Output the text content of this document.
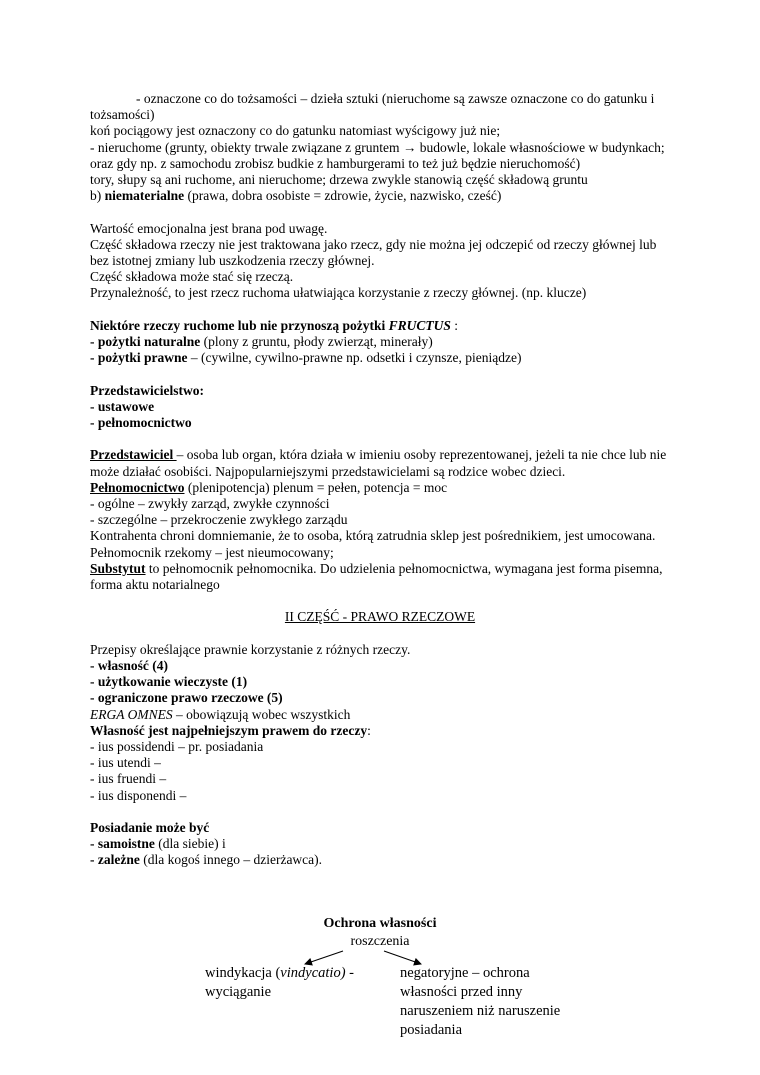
- oznaczone co do tożsamości – dzieła sztuki (nieruchome są zawsze oznaczone co do gatunku i tożsamości)

koń pociągowy jest oznaczony co do gatunku natomiast wyścigowy już nie;

- nieruchome (grunty, obiekty trwale związane z gruntem → budowle, lokale własnościowe w budynkach; oraz gdy np. z samochodu zrobisz budkie z hamburgerami to też już będzie nieruchomość)

tory, słupy są ani ruchome, ani nieruchome; drzewa zwykle stanowią część składową gruntu

b) niematerialne (prawa, dobra osobiste = zdrowie, życie, nazwisko, cześć)

Wartość emocjonalna jest brana pod uwagę.

Część składowa rzeczy nie jest traktowana jako rzecz, gdy nie można jej odczepić od rzeczy głównej lub bez istotnej zmiany lub uszkodzenia rzeczy głównej.

Część składowa może stać się rzeczą.

Przynależność, to jest rzecz ruchoma ułatwiająca korzystanie z rzeczy głównej. (np. klucze)

Niektóre rzeczy ruchome lub nie przynoszą pożytki FRUCTUS :

- pożytki naturalne (plony z gruntu, płody zwierząt, minerały)

- pożytki prawne – (cywilne, cywilno-prawne np. odsetki i czynsze, pieniądze)

Przedstawicielstwo:

- ustawowe

- pełnomocnictwo

Przedstawiciel – osoba lub organ, która działa w imieniu osoby reprezentowanej, jeżeli ta nie chce lub nie może działać osobiści. Najpopularniejszymi przedstawicielami są rodzice wobec dzieci.

Pełnomocnictwo (plenipotencja) plenum = pełen, potencja = moc

- ogólne – zwykły zarząd, zwykłe czynności

- szczególne – przekroczenie zwykłego zarządu

Kontrahenta chroni domniemanie, że to osoba, którą zatrudnia sklep jest pośrednikiem, jest umocowana.

Pełnomocnik rzekomy – jest nieumocowany;

Substytut to pełnomocnik pełnomocnika. Do udzielenia pełnomocnictwa, wymagana jest forma pisemna, forma aktu notarialnego

II CZĘŚĆ - PRAWO RZECZOWE

Przepisy określające prawnie korzystanie z różnych rzeczy.

- własność (4)

- użytkowanie wieczyste (1)

- ograniczone prawo rzeczowe (5)

ERGA OMNES – obowiązują wobec wszystkich

Własność jest najpełniejszym prawem do rzeczy:

- ius possidendi – pr. posiadania

- ius utendi –

- ius fruendi –

- ius disponendi –

Posiadanie może być

- samoistne (dla siebie) i

- zależne (dla kogoś innego – dzierżawca).

Ochrona własności
roszczenia
windykacja (vindycatio) -
wyciąganie
negatoryjne – ochrona własności przed inny naruszeniem niż naruszenie posiadania
